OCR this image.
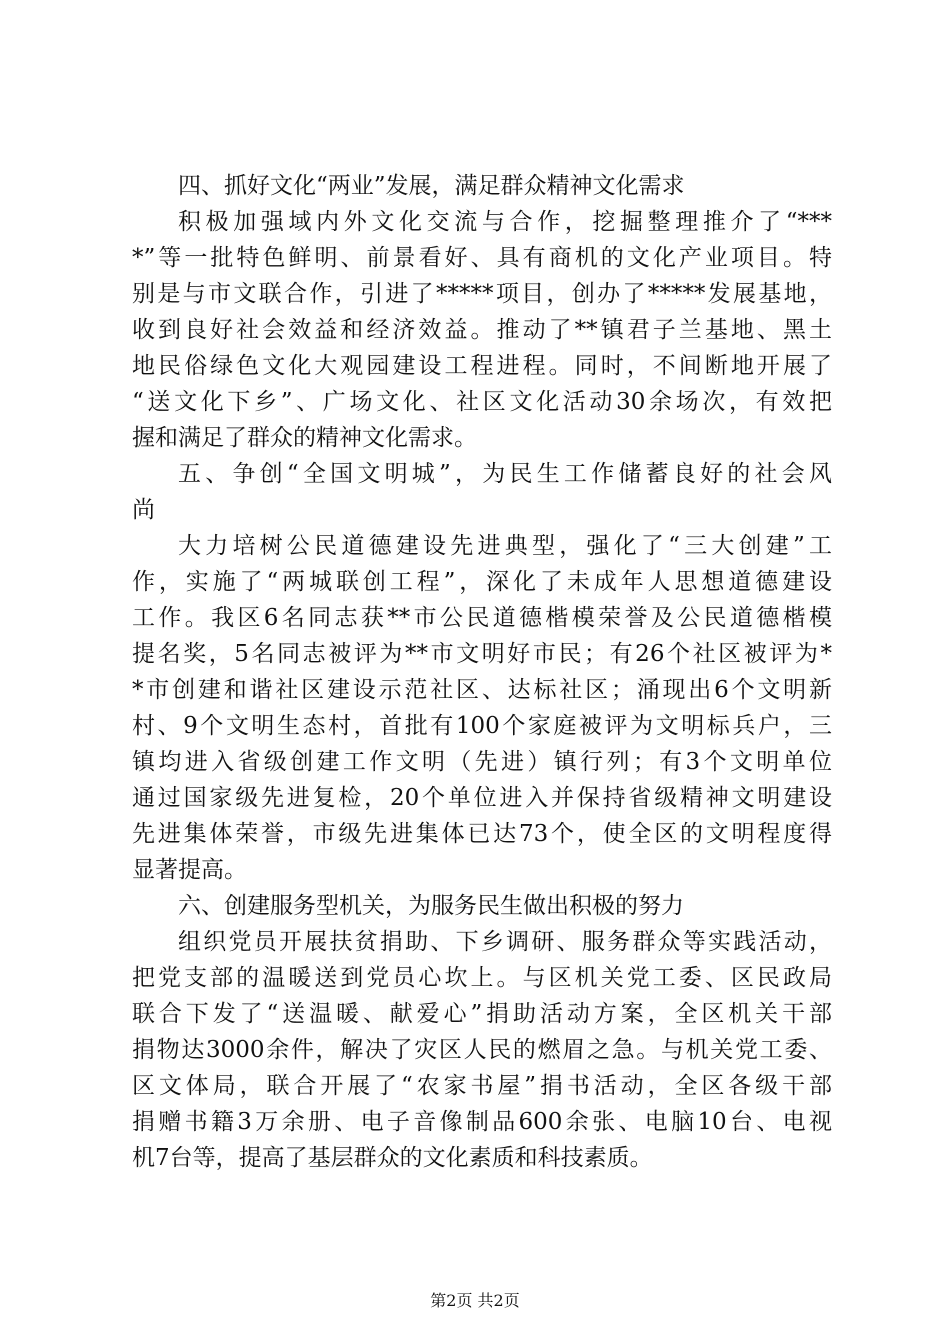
四、抓好文化“两业”发展，满足群众精神文化需求
积极加强域内外文化交流与合作，挖掘整理推介了“***
*”等一批特色鲜明、前景看好、具有商机的文化产业项目。特
别是与市文联合作，引进了*****项目，创办了*****发展基地，
收到良好社会效益和经济效益。推动了**镇君子兰基地、黑土
地民俗绿色文化大观园建设工程进程。同时，不间断地开展了
“送文化下乡”、广场文化、社区文化活动30余场次，有效把
握和满足了群众的精神文化需求。
五、争创“全国文明城”，为民生工作储蓄良好的社会风
尚
大力培树公民道德建设先进典型，强化了“三大创建”工
作，实施了“两城联创工程”，深化了未成年人思想道德建设
工作。我区6名同志获**市公民道德楷模荣誉及公民道德楷模
提名奖，5名同志被评为**市文明好市民；有26个社区被评为*
*市创建和谐社区建设示范社区、达标社区；涌现出6个文明新
村、9个文明生态村，首批有100个家庭被评为文明标兵户，三
镇均进入省级创建工作文明（先进）镇行列；有3个文明单位
通过国家级先进复检，20个单位进入并保持省级精神文明建设
先进集体荣誉，市级先进集体已达73个，使全区的文明程度得
显著提高。
六、创建服务型机关，为服务民生做出积极的努力
组织党员开展扶贫捐助、下乡调研、服务群众等实践活动，
把党支部的温暖送到党员心坎上。与区机关党工委、区民政局
联合下发了“送温暖、献爱心”捐助活动方案，全区机关干部
捐物达3000余件，解决了灾区人民的燃眉之急。与机关党工委、
区文体局，联合开展了“农家书屋”捐书活动，全区各级干部
捐赠书籍3万余册、电子音像制品600余张、电脑10台、电视
机7台等，提高了基层群众的文化素质和科技素质。
第2页 共2页
